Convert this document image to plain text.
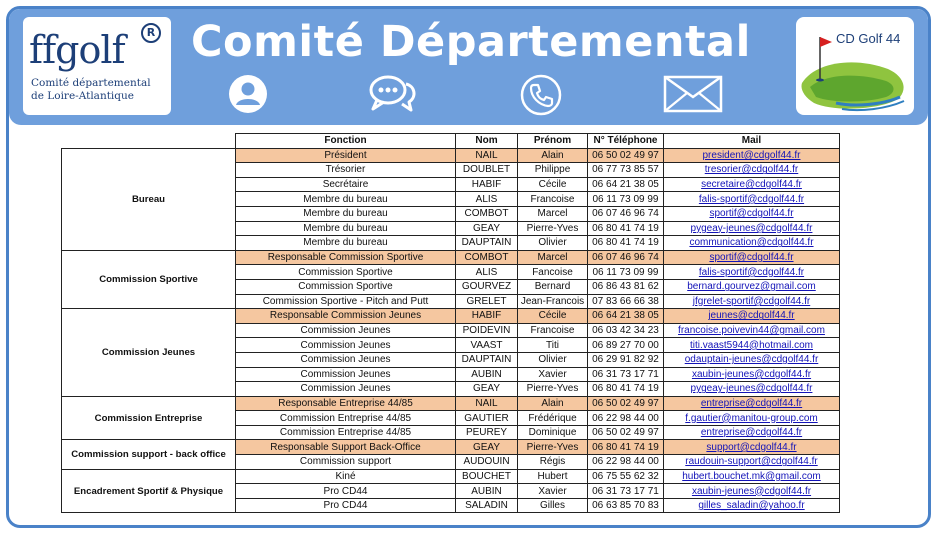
ffgolf	R
Comité départemental
de Loire-Atlantique
Comité Départemental	CD Golf 44
	Fonction	Nom	Prénom	N° Téléphone	Mail
Bureau	Président	NAIL	Alain	06 50 02 49 97	president@cdgolf44.fr
	Trésorier	DOUBLET	Philippe	06 77 73 85 57	tresorier@cdgolf44.fr
	Secrétaire	HABIF	Cécile	06 64 21 38 05	secretaire@cdgolf44.fr
	Membre du bureau	ALIS	Francoise	06 11 73 09 99	falis-sportif@cdgolf44.fr
	Membre du bureau	COMBOT	Marcel	06 07 46 96 74	sportif@cdgolf44.fr
	Membre du bureau	GEAY	Pierre-Yves	06 80 41 74 19	pygeay-jeunes@cdgolf44.fr
	Membre du bureau	DAUPTAIN	Olivier	06 80 41 74 19	communication@cdgolf44.fr
Commission Sportive	Responsable Commission Sportive	COMBOT	Marcel	06 07 46 96 74	sportif@cdgolf44.fr
	Commission Sportive	ALIS	Fancoise	06 11 73 09 99	falis-sportif@cdgolf44.fr
	Commission Sportive	GOURVEZ	Bernard	06 86 43 81 62	bernard.gourvez@gmail.com
	Commission Sportive - Pitch and Putt	GRELET	Jean-Francois	07 83 66 66 38	jfgrelet-sportif@cdgolf44.fr
Commission Jeunes	Responsable Commission Jeunes	HABIF	Cécile	06 64 21 38 05	jeunes@cdgolf44.fr
	Commission Jeunes	POIDEVIN	Francoise	06 03 42 34 23	francoise.poivevin44@gmail.com
	Commission Jeunes	VAAST	Titi	06 89 27 70 00	titi.vaast5944@hotmail.com
	Commission Jeunes	DAUPTAIN	Olivier	06 29 91 82 92	odauptain-jeunes@cdgolf44.fr
	Commission Jeunes	AUBIN	Xavier	06 31 73 17 71	xaubin-jeunes@cdgolf44.fr
	Commission Jeunes	GEAY	Pierre-Yves	06 80 41 74 19	pygeay-jeunes@cdgolf44.fr
Commission Entreprise	Responsable Entreprise 44/85	NAIL	Alain	06 50 02 49 97	entreprise@cdgolf44.fr
	Commission Entreprise 44/85	GAUTIER	Frédérique	06 22 98 44 00	f.gautier@manitou-group.com
	Commission Entreprise 44/85	PEUREY	Dominique	06 50 02 49 97	entreprise@cdgolf44.fr
Commission support - back office	Responsable Support Back-Office	GEAY	Pierre-Yves	06 80 41 74 19	support@cdgolf44.fr
	Commission support	AUDOUIN	Régis	06 22 98 44 00	raudouin-support@cdgolf44.fr
Encadrement Sportif & Physique	Kiné	BOUCHET	Hubert	06 75 55 62 32	hubert.bouchet.mk@gmail.com
	Pro CD44	AUBIN	Xavier	06 31 73 17 71	xaubin-jeunes@cdgolf44.fr
	Pro CD44	SALADIN	Gilles	06 63 85 70 83	gilles_saladin@yahoo.fr
